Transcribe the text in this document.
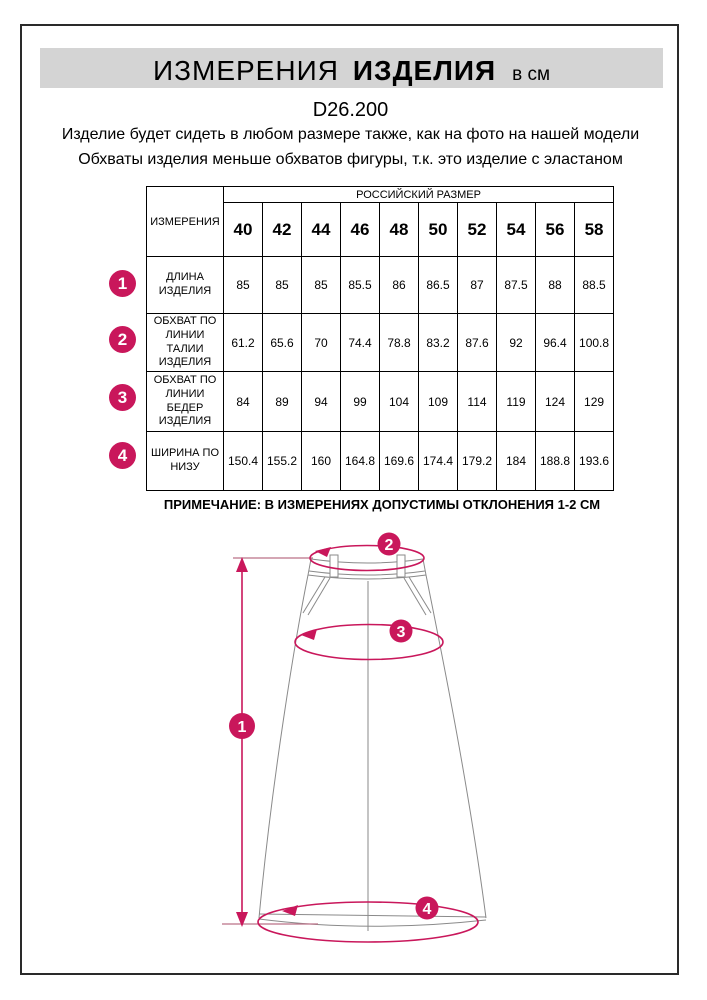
ИЗМЕРЕНИЯ ИЗДЕЛИЯ в см
D26.200
Изделие будет сидеть в любом размере также, как на фото на нашей модели
Обхваты изделия меньше обхватов фигуры, т.к. это изделие с эластаном
ИЗМЕРЕНИЯ	РОССИЙСКИЙ РАЗМЕР									
	40	42	44	46	48	50	52	54	56	58
ДЛИНА ИЗДЕЛИЯ	85	85	85	85.5	86	86.5	87	87.5	88	88.5
ОБХВАТ ПО ЛИНИИ ТАЛИИ ИЗДЕЛИЯ	61.2	65.6	70	74.4	78.8	83.2	87.6	92	96.4	100.8
ОБХВАТ ПО ЛИНИИ БЕДЕР ИЗДЕЛИЯ	84	89	94	99	104	109	114	119	124	129
ШИРИНА ПО НИЗУ	150.4	155.2	160	164.8	169.6	174.4	179.2	184	188.8	193.6
1
2
3
4
ПРИМЕЧАНИЕ: В ИЗМЕРЕНИЯХ ДОПУСТИМЫ ОТКЛОНЕНИЯ 1-2 СМ
1
2
3
4
